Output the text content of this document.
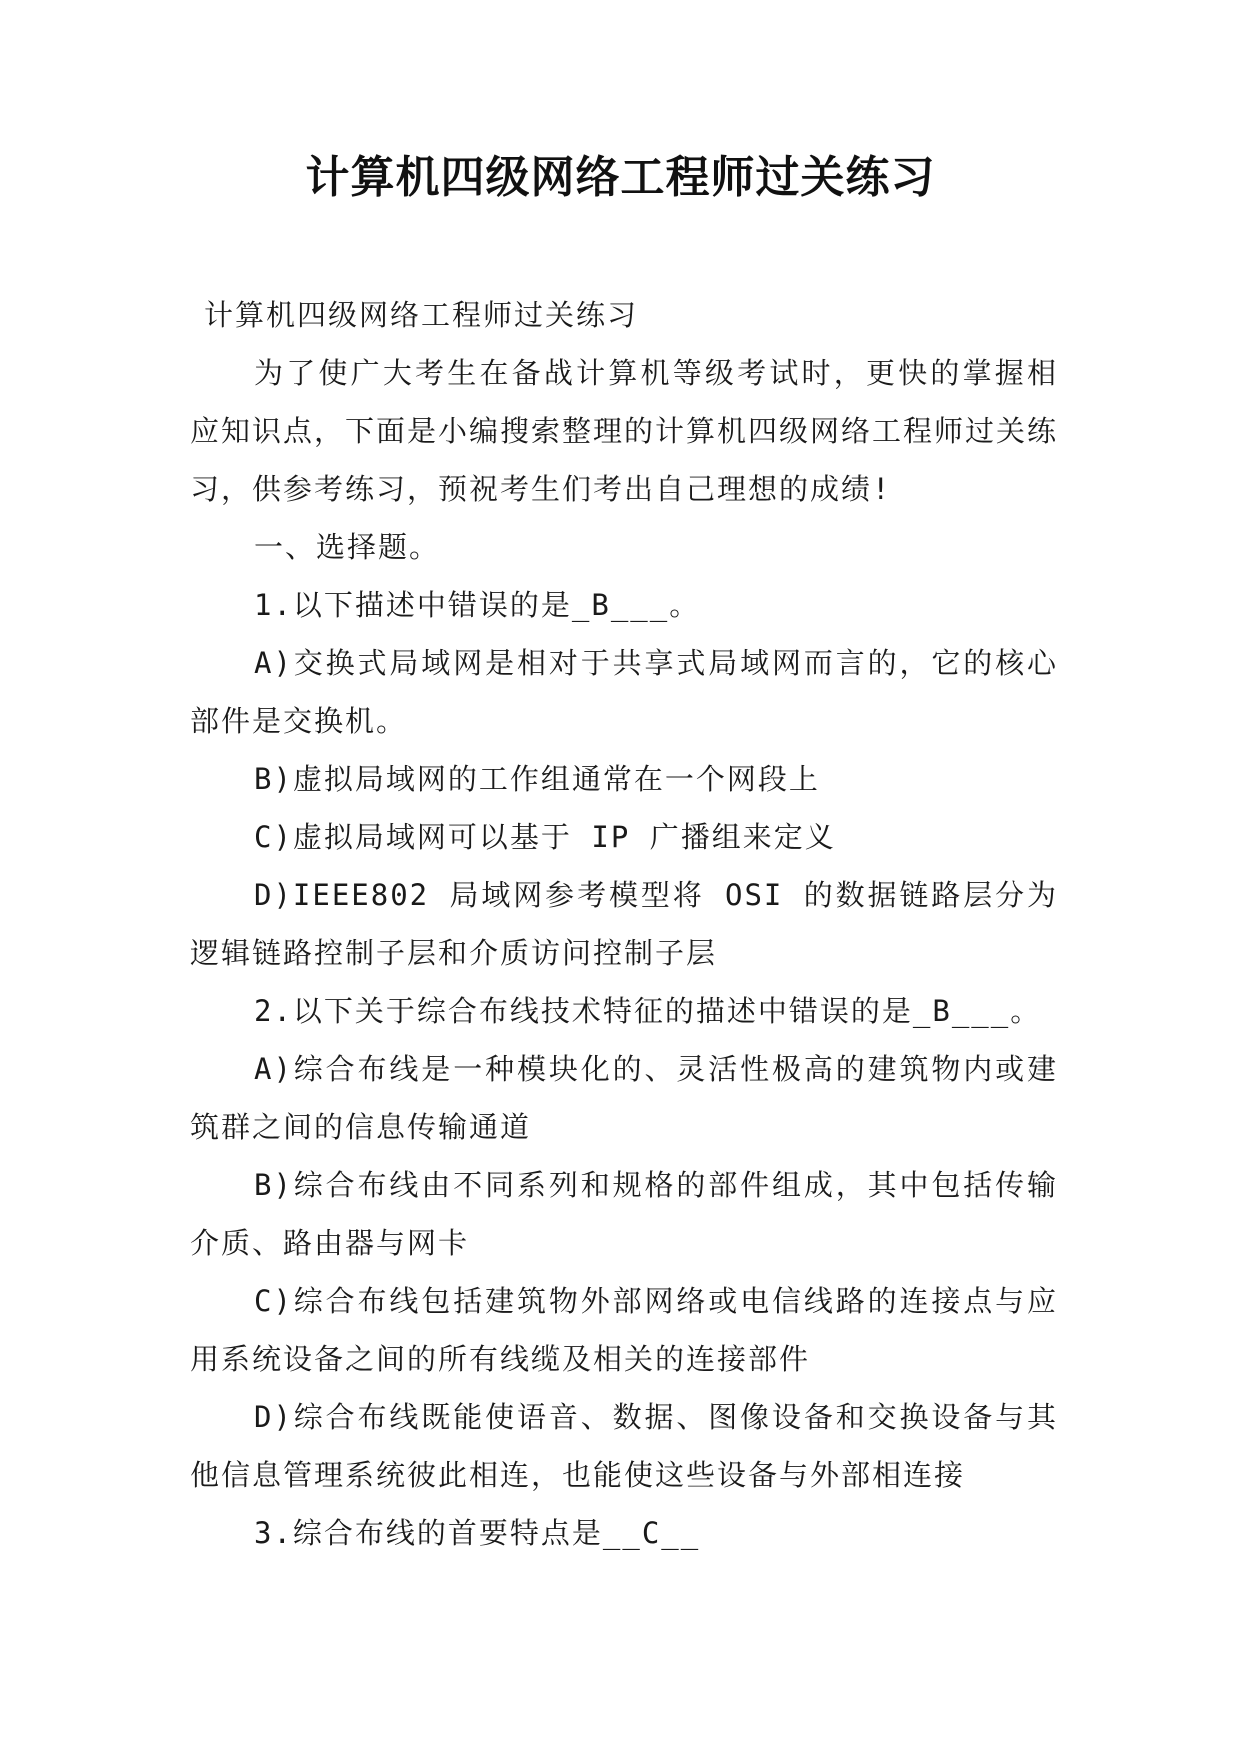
计算机四级网络工程师过关练习

计算机四级网络工程师过关练习

为了使广大考生在备战计算机等级考试时，更快的掌握相应知识点，下面是小编搜索整理的计算机四级网络工程师过关练习，供参考练习，预祝考生们考出自己理想的成绩!

一、选择题。

1.以下描述中错误的是_B___。

A)交换式局域网是相对于共享式局域网而言的，它的核心部件是交换机。

B)虚拟局域网的工作组通常在一个网段上

C)虚拟局域网可以基于 IP 广播组来定义

D)IEEE802 局域网参考模型将 OSI 的数据链路层分为逻辑链路控制子层和介质访问控制子层

2.以下关于综合布线技术特征的描述中错误的是_B___。

A)综合布线是一种模块化的、灵活性极高的建筑物内或建筑群之间的信息传输通道

B)综合布线由不同系列和规格的部件组成，其中包括传输介质、路由器与网卡

C)综合布线包括建筑物外部网络或电信线路的连接点与应用系统设备之间的所有线缆及相关的连接部件

D)综合布线既能使语音、数据、图像设备和交换设备与其他信息管理系统彼此相连，也能使这些设备与外部相连接

3.综合布线的首要特点是__C__
